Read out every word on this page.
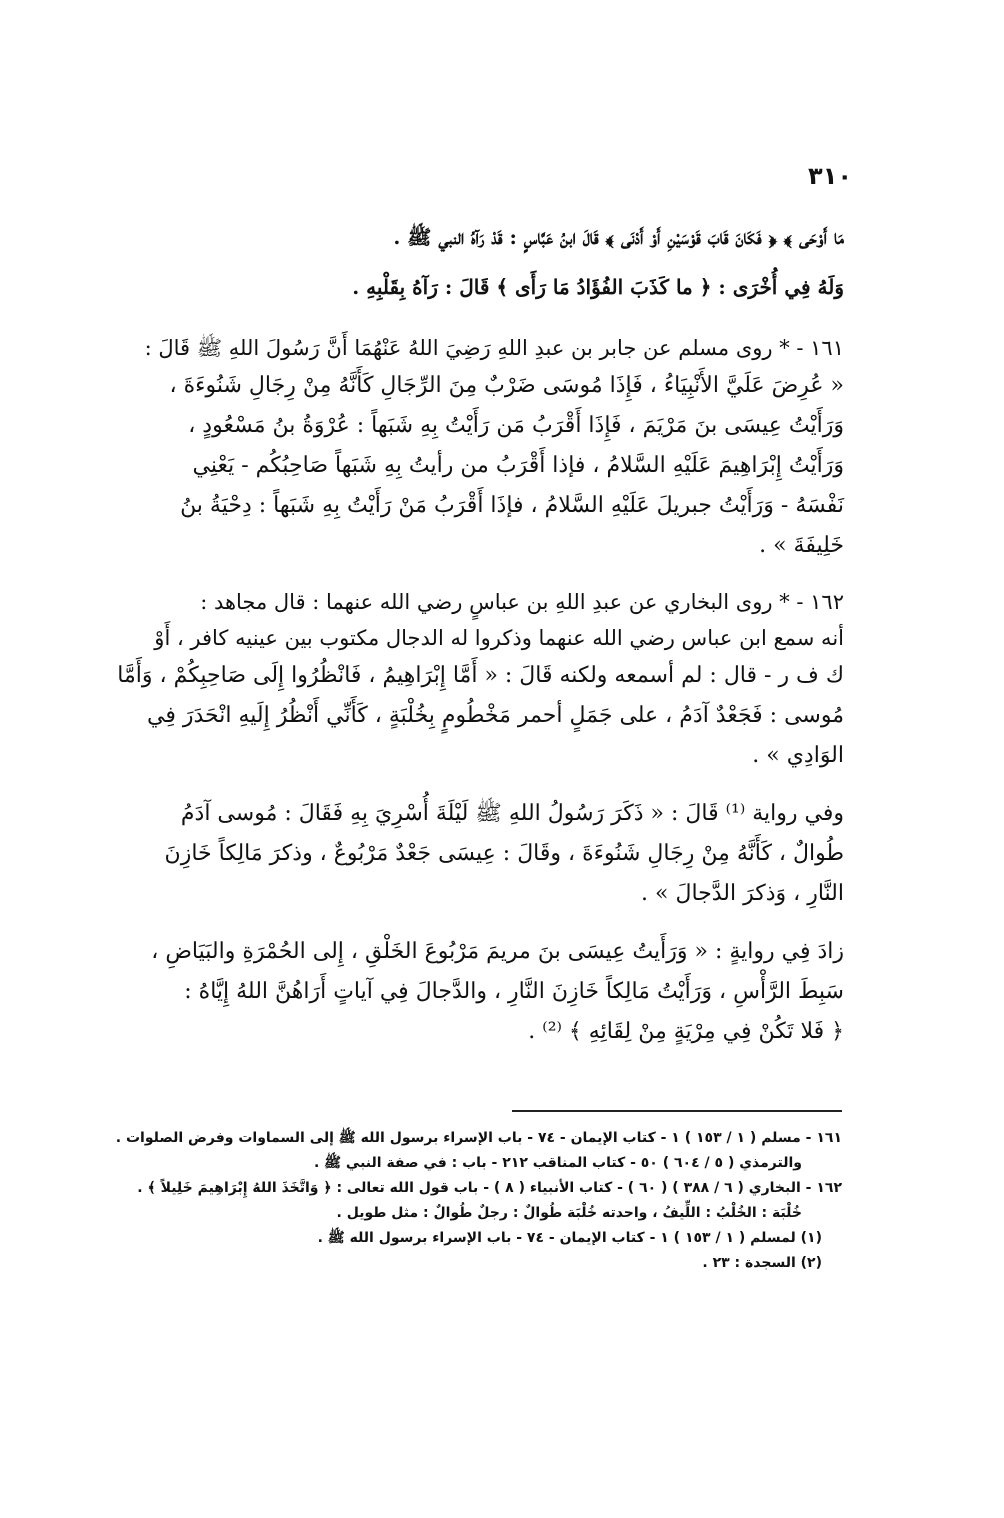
٣١٠
مَا أَوْحَى ﴾ ﴿ فَكَانَ قَابَ قَوْسَيْنِ أَوْ أَدْنَى ﴾ قَالَ ابنُ عَبَّاسٍ : قَدْ رَآهُ النبي ﷺ .
وَلَهُ فِي أُخْرَى : ﴿ ما كَذَبَ الفُؤَادُ مَا رَأَى ﴾ قَالَ : رَآهُ بِقَلْبِهِ .
١٦١ - * روى مسلم عن جابر بن عبدِ اللهِ رَضِيَ اللهُ عَنْهُمَا أَنَّ رَسُولَ اللهِ ﷺ قَالَ :
« عُرِضَ عَلَيَّ الأَنْبِيَاءُ ، فَإِذَا مُوسَى ضَرْبٌ مِنَ الرِّجَالِ كَأَنَّهُ مِنْ رِجَالِ شَنُوءَةَ ،
وَرَأَيْتُ عِيسَى بنَ مَرْيَمَ ، فَإِذَا أَقْرَبُ مَن رَأَيْتُ بِهِ شَبَهاً : عُرْوَةُ بنُ مَسْعُودٍ ،
وَرَأَيْتُ إِبْرَاهِيمَ عَلَيْهِ السَّلامُ ، فإذا أَقْرَبُ من رأيتُ بِهِ شَبَهاً صَاحِبُكُم - يَعْنِي
نَفْسَهُ - وَرَأَيْتُ جبريلَ عَلَيْهِ السَّلامُ ، فإذَا أَقْرَبُ مَنْ رَأَيْتُ بِهِ شَبَهاً : دِحْيَةُ بنُ
خَلِيفَةَ » .
١٦٢ - * روى البخاري عن عبدِ اللهِ بن عباسٍ رضي الله عنهما : قال مجاهد :
أنه سمع ابن عباس رضي الله عنهما وذكروا له الدجال مكتوب بين عينيه كافر ، أَوْ
ك ف ر - قال : لم أسمعه ولكنه قَالَ : « أَمَّا إِبْرَاهِيمُ ، فَانْظُرُوا إِلَى صَاحِبِكُمْ ، وَأَمَّا
مُوسى : فَجَعْدٌ آدَمُ ، على جَمَلٍ أحمر مَخْطُومٍ بِخُلْبَةٍ ، كَأَنِّي أَنْظُرُ إِلَيهِ انْحَدَرَ فِي
الوَادِي » .
وفي رواية ⁽¹⁾ قَالَ : « ذَكَرَ رَسُولُ اللهِ ﷺ لَيْلَةَ أُسْرِيَ بِهِ فَقَالَ : مُوسى آدَمُ
طُوالٌ ، كَأَنَّهُ مِنْ رِجَالِ شَنُوءَةَ ، وقَالَ : عِيسَى جَعْدٌ مَرْبُوعٌ ، وذكرَ مَالِكاً خَازِنَ
النَّارِ ، وَذكرَ الدَّجالَ » .
زادَ فِي روايةٍ : « وَرَأَيتُ عِيسَى بنَ مريمَ مَرْبُوعَ الخَلْقِ ، إِلى الحُمْرَةِ والبَيَاضِ ،
سَبِطَ الرَّأْسِ ، وَرَأَيْتُ مَالِكاً خَازِنَ النَّارِ ، والدَّجالَ فِي آياتٍ أَرَاهُنَّ اللهُ إِيَّاهُ :
﴿ فَلا تَكُنْ فِي مِرْيَةٍ مِنْ لِقَائِهِ ﴾ ⁽²⁾ .
١٦١ - مسلم ( ١ / ١٥٣ ) ١ - كتاب الإيمان - ٧٤ - باب الإسراء برسول الله ﷺ إلى السماوات وفرض الصلوات .
والترمذي ( ٥ / ٦٠٤ ) ٥٠ - كتاب المناقب ٢١٢ - باب : في صفة النبي ﷺ .
١٦٢ - البخاري ( ٦ / ٣٨٨ ) ( ٦٠ ) - كتاب الأنبياء ( ٨ ) - باب قول الله تعالى : ﴿ وَاتَّخَذَ اللهُ إِبْرَاهِيمَ خَلِيلاً ﴾ .
خُلْبَة : الخُلْبُ : اللِّيفُ ، واحدته خُلْبَة طُوالٌ : رجلٌ طُوالٌ : مثل طويل .
(١) لمسلم ( ١ / ١٥٣ ) ١ - كتاب الإيمان - ٧٤ - باب الإسراء برسول الله ﷺ .
(٢) السجدة : ٢٣ .
